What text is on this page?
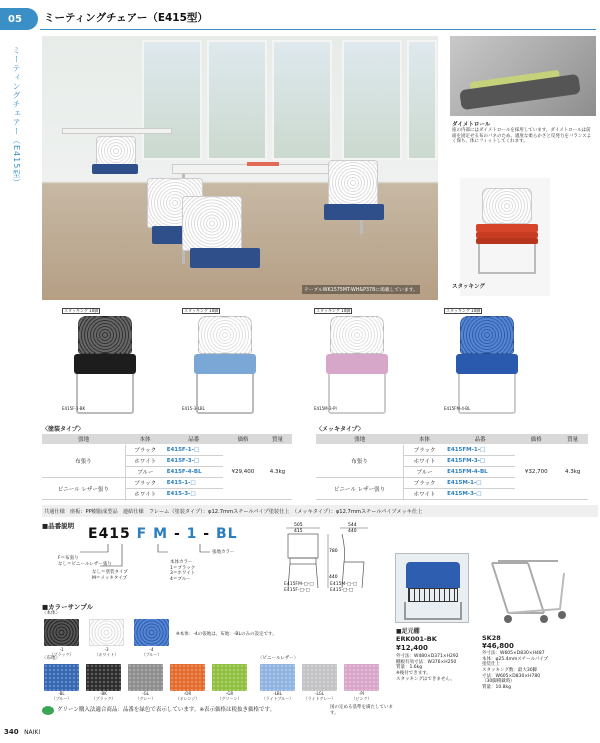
05	ミーティングチェアー（E415型）
ミーティングチェアー（E415型）
テーブルWK1575MT-WH&P378に掲載しています。
ダイメトロール
座の内部にはダイメトロールを採用しています。ダイメトロールは前面を固定せる布のバネのため、適度な柔らかさと反発力をバランスよく保ち、体にフィットしてくれます。
スタッキング
スタッキング 10脚
E415F-1-BK
スタッキング 10脚
E415-3-LBL
スタッキング 10脚
E415M-3-PI
スタッキング 10脚
E415FM-4-BL
〈塗装タイプ〉
張地	本体	品番	価格	質量
布張り	ブラック	E415F-1-□	¥29,400	4.3kg
	ホワイト	E415F-3-□		
	ブルー	E415F-4-BL		
ビニール レザー張り	ブラック	E415-1-□		
	ホワイト	E415-3-□		
〈メッキタイプ〉
張地	本体	品番	価格	質量
布張り	ブラック	E415FM-1-□	¥32,700	4.3kg
	ホワイト	E415FM-3-□		
	ブルー	E415FM-4-BL		
ビニール レザー張り	ブラック	E415M-1-□		
	ホワイト	E415M-3-□		
共通仕様　座板：PP樹脂成型品　連結仕様　フレーム（塗装タイプ）：φ12.7mmスチールパイプ塗装仕上　（メッキタイプ）：φ12.7mmスチールパイプメッキ仕上
■品番説明 E415 F M - 1 - BL
F＝布張り
なし＝ビニールレザー張り
なし＝塗装タイプ
M＝メッキタイプ
本体カラー
1＝ブラック
3＝ホワイト
4＝ブルー
張地カラー
505
415
544
440
780
440
E415FM-□-□
E415F-□-□
E415M-□-□
E415-□-□
■カラーサンプル
〈本体〉
-1
（ブラック）
-3
（ホワイト）
-4
（ブルー）
※本体：-4の張地は、布地：-BLのみの設定です。
〈布地〉
-BL
（ブルー）
-BK
（ブラック）
-GL
（グレー）
-OR
（オレンジ）
-GR
（グリーン）
〈ビニールレザー〉
-LBL
（ライトブルー）
-LGL
（ライトグレー）
-PI
（ピンク）
■足元棚
ERK001-BK
¥12,400
外寸法：W480×D371×H292
棚板有効寸法：W376×H250
質量：1.6kg
※後付できます。
スタッキングはできません。
SK28
¥46,800
外寸法：W605×D830×H487
本体：φ25.4mmスチールパイプ
塗装仕上
スタッキング数：最大30脚
寸法：W605×D830×H780
（30脚積載時）
質量：10.8kg
グリーン購入法適合商品：品番を緑色で表示しています。※表示価格は税抜き価格です。	国の定める基準を満たしています。
340 NAIKI
